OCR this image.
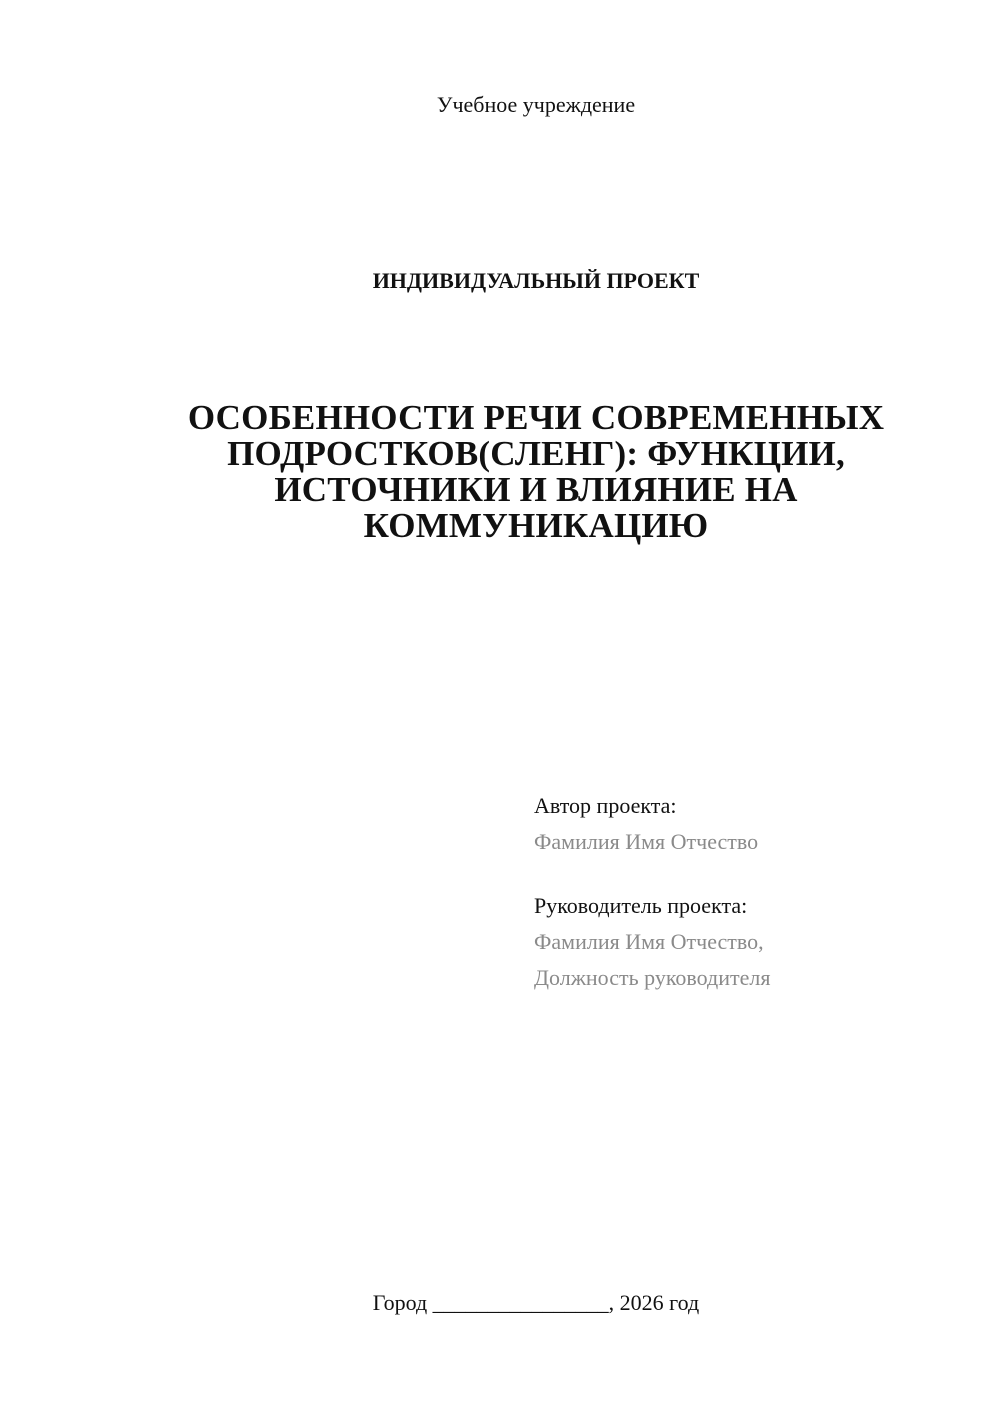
Учебное учреждение
ИНДИВИДУАЛЬНЫЙ ПРОЕКТ
ОСОБЕННОСТИ РЕЧИ СОВРЕМЕННЫХ
ПОДРОСТКОВ(СЛЕНГ): ФУНКЦИИ,
ИСТОЧНИКИ И ВЛИЯНИЕ НА
КОММУНИКАЦИЮ
Автор проекта:
Фамилия Имя Отчество
Руководитель проекта:
Фамилия Имя Отчество,
Должность руководителя
Город ________________, 2026 год
